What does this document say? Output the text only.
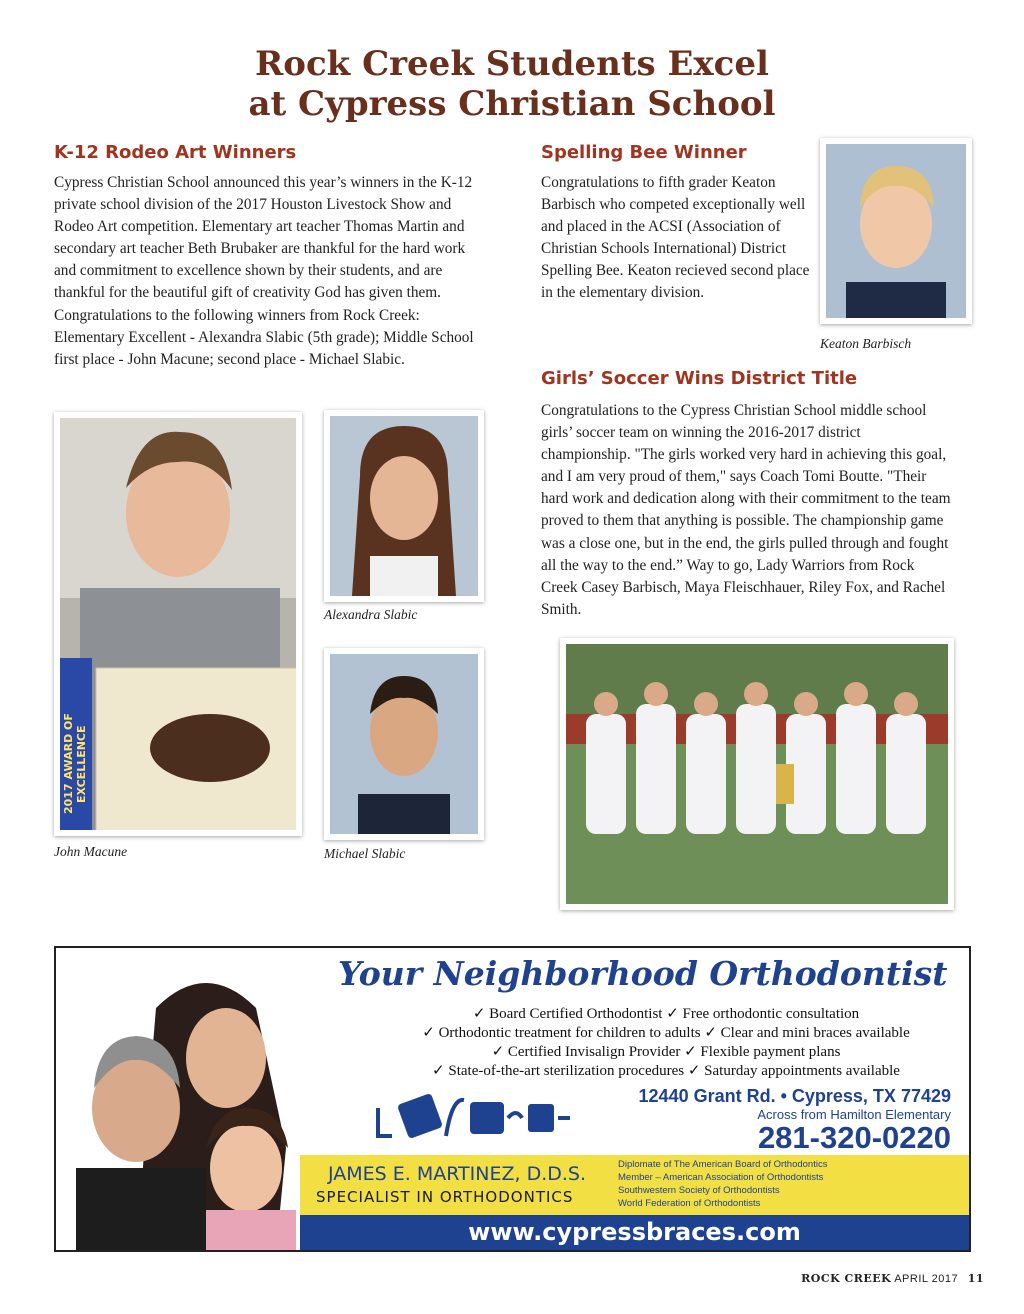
Rock Creek Students Excel
at Cypress Christian School
K-12 Rodeo Art Winners
Cypress Christian School announced this year’s winners in the K-12 private school division of the 2017 Houston Livestock Show and Rodeo Art competition. Elementary art teacher Thomas Martin and secondary art teacher Beth Brubaker are thankful for the hard work and commitment to excellence shown by their students, and are thankful for the beautiful gift of creativity God has given them. Congratulations to the following winners from Rock Creek: Elementary Excellent - Alexandra Slabic (5th grade); Middle School first place - John Macune; second place - Michael Slabic.
2017 AWARD OF EXCELLENCE
John Macune
Alexandra Slabic
Michael Slabic
Spelling Bee Winner
Congratulations to fifth grader Keaton Barbisch who competed exceptionally well and placed in the ACSI (Association of Christian Schools International) District Spelling Bee. Keaton recieved second place in the elementary division.
Keaton Barbisch
Girls’ Soccer Wins District Title
Congratulations to the Cypress Christian School middle school girls’ soccer team on winning the 2016-2017 district championship. "The girls worked very hard in achieving this goal, and I am very proud of them," says Coach Tomi Boutte. "Their hard work and dedication along with their commitment to the team proved to them that anything is possible. The championship game was a close one, but in the end, the girls pulled through and fought all the way to the end.” Way to go, Lady Warriors from Rock Creek Casey Barbisch, Maya Fleischhauer, Riley Fox, and Rachel Smith.
Your Neighborhood Orthodontist
✓ Board Certified Orthodontist ✓ Free orthodontic consultation
✓ Orthodontic treatment for children to adults ✓ Clear and mini braces available
✓ Certified Invisalign Provider ✓ Flexible payment plans
✓ State-of-the-art sterilization procedures ✓ Saturday appointments available
12440 Grant Rd. • Cypress, TX 77429
Across from Hamilton Elementary
281-320-0220
JAMES E. MARTINEZ, D.D.S.
SPECIALIST IN ORTHODONTICS
Diplomate of The American Board of Orthodontics
Member – American Association of Orthodontists
Southwestern Society of Orthodontists
World Federation of Orthodontists
www.cypressbraces.com
ROCK CREEK APRIL 2017 11
